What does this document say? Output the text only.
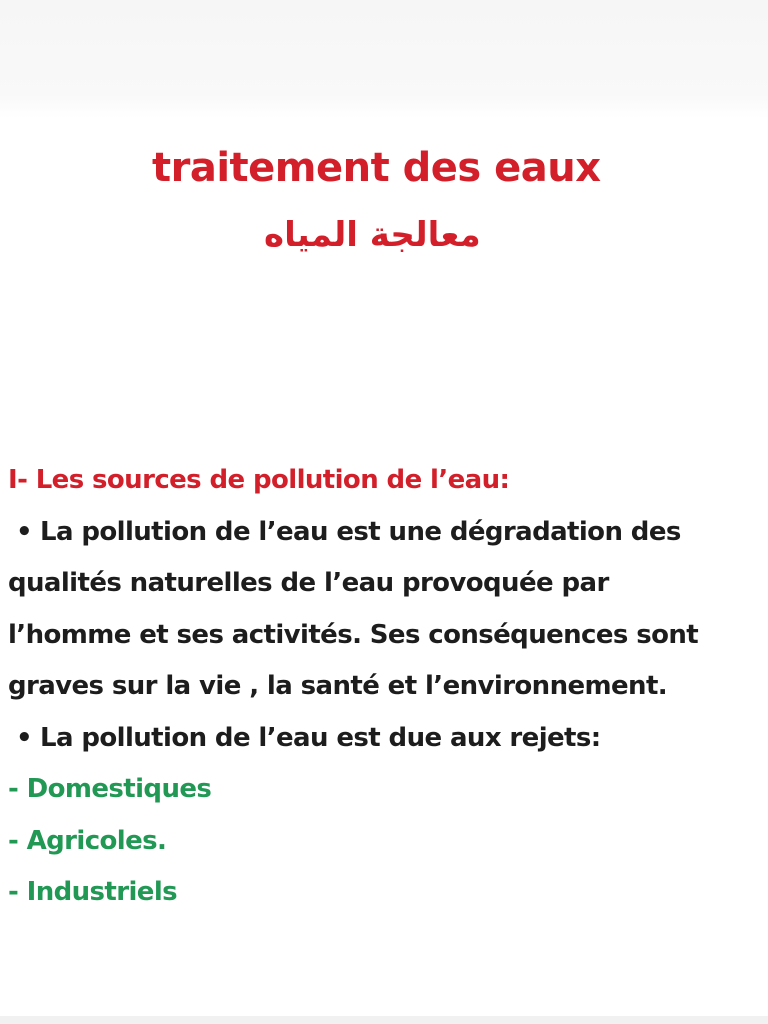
traitement des eaux
معالجة المياه
I- Les sources de pollution de l’eau:
• La pollution de l’eau est une dégradation des
qualités naturelles de l’eau provoquée par
l’homme et ses activités. Ses conséquences sont
graves sur la vie , la santé et l’environnement.
• La pollution de l’eau est due aux rejets:
- Domestiques
- Agricoles.
- Industriels
